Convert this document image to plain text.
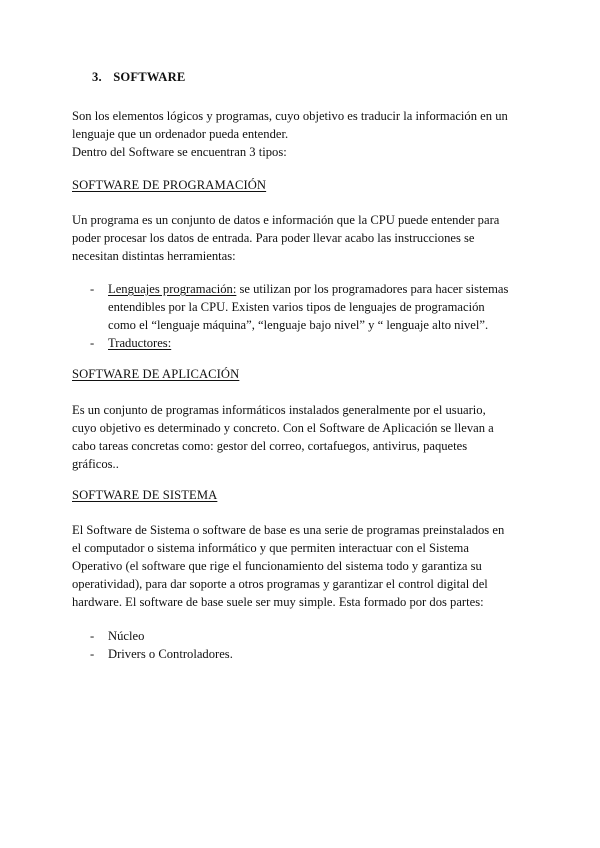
3. SOFTWARE
Son los elementos lógicos y programas, cuyo objetivo es traducir la información en un
lenguaje que un ordenador pueda entender.
Dentro del Software se encuentran 3 tipos:
SOFTWARE DE PROGRAMACIÓN
Un programa es un conjunto de datos e información que la CPU puede entender para
poder procesar los datos de entrada. Para poder llevar acabo las instrucciones se
necesitan distintas herramientas:
- Lenguajes programación: se utilizan por los programadores para hacer sistemas
entendibles por la CPU. Existen varios tipos de lenguajes de programación
como el “lenguaje máquina”, “lenguaje bajo nivel” y “ lenguaje alto nivel”.
- Traductores:
SOFTWARE DE APLICACIÓN
Es un conjunto de programas informáticos instalados generalmente por el usuario,
cuyo objetivo es determinado y concreto. Con el Software de Aplicación se llevan a
cabo tareas concretas como: gestor del correo, cortafuegos, antivirus, paquetes
gráficos..
SOFTWARE DE SISTEMA
El Software de Sistema o software de base es una serie de programas preinstalados en
el computador o sistema informático y que permiten interactuar con el Sistema
Operativo (el software que rige el funcionamiento del sistema todo y garantiza su
operatividad), para dar soporte a otros programas y garantizar el control digital del
hardware. El software de base suele ser muy simple. Esta formado por dos partes:
- Núcleo
- Drivers o Controladores.
